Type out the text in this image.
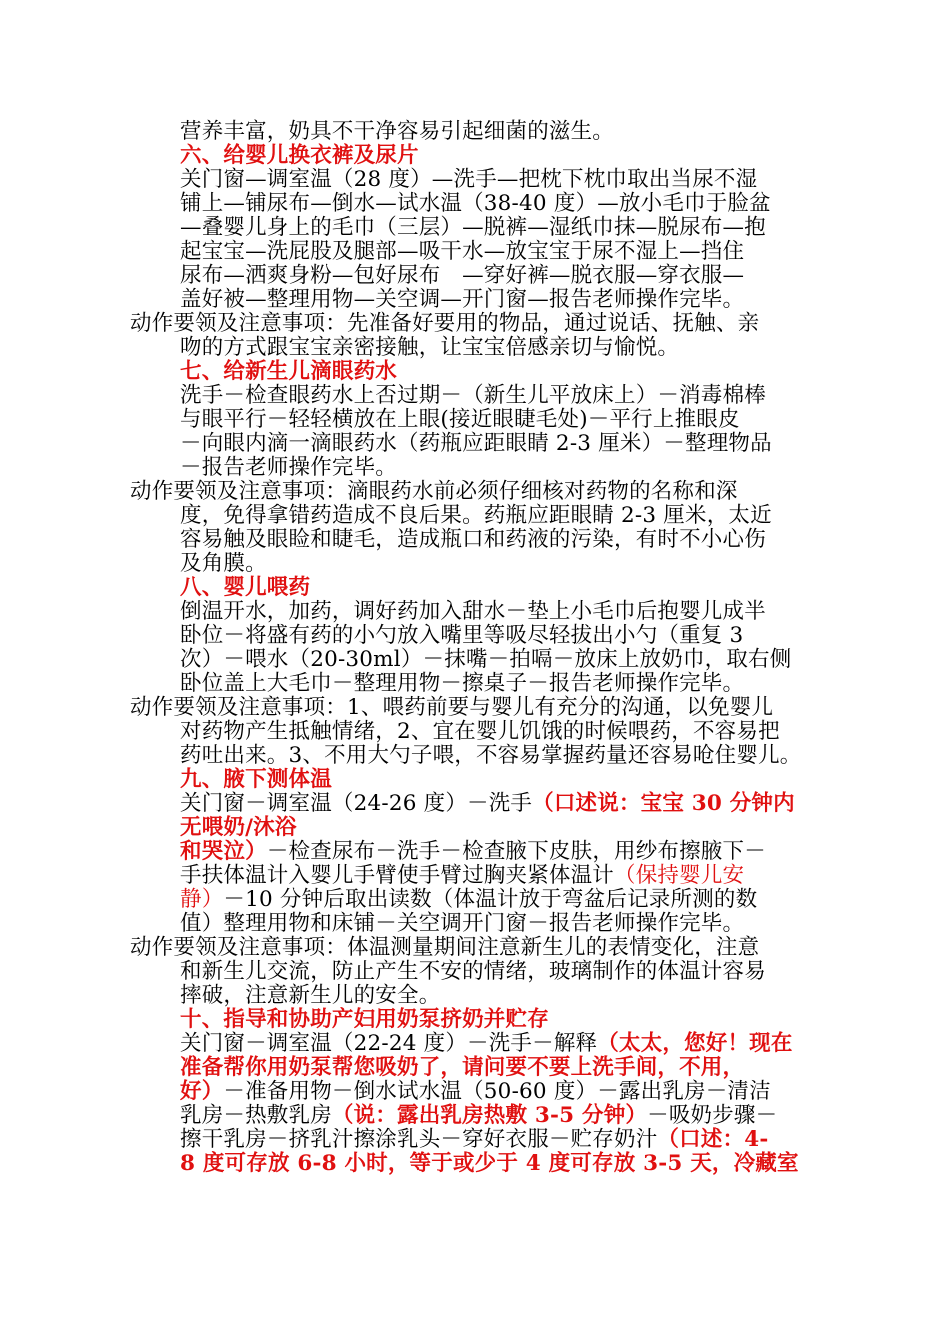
营养丰富，奶具不干净容易引起细菌的滋生。
六、给婴儿换衣裤及尿片
关门窗—调室温（28 度）—洗手—把枕下枕巾取出当尿不湿
铺上—铺尿布—倒水—试水温（38-40 度）—放小毛巾于脸盆
—叠婴儿身上的毛巾（三层）—脱裤—湿纸巾抹—脱尿布—抱
起宝宝—洗屁股及腿部—吸干水—放宝宝于尿不湿上—挡住
尿布—洒爽身粉—包好尿布　—穿好裤—脱衣服—穿衣服—
盖好被—整理用物—关空调—开门窗—报告老师操作完毕。
动作要领及注意事项：先准备好要用的物品，通过说话、抚触、亲
吻的方式跟宝宝亲密接触，让宝宝倍感亲切与愉悦。
七、给新生儿滴眼药水
洗手－检查眼药水上否过期－（新生儿平放床上）－消毒棉棒
与眼平行－轻轻横放在上眼(接近眼睫毛处)－平行上推眼皮
－向眼内滴一滴眼药水（药瓶应距眼睛 2-3 厘米）－整理物品
－报告老师操作完毕。
动作要领及注意事项：滴眼药水前必须仔细核对药物的名称和深
度，免得拿错药造成不良后果。药瓶应距眼睛 2-3 厘米，太近
容易触及眼睑和睫毛，造成瓶口和药液的污染，有时不小心伤
及角膜。
八、婴儿喂药
倒温开水，加药，调好药加入甜水－垫上小毛巾后抱婴儿成半
卧位－将盛有药的小勺放入嘴里等吸尽轻拔出小勺（重复 3
次）－喂水（20-30ml）－抹嘴－拍嗝－放床上放奶巾，取右侧
卧位盖上大毛巾－整理用物－擦桌子－报告老师操作完毕。
动作要领及注意事项：1、喂药前要与婴儿有充分的沟通，以免婴儿
对药物产生抵触情绪，2、宜在婴儿饥饿的时候喂药，不容易把
药吐出来。3、不用大勺子喂，不容易掌握药量还容易呛住婴儿。
九、腋下测体温
关门窗－调室温（24-26 度）－洗手（口述说：宝宝 30 分钟内
无喂奶/沐浴
和哭泣）－检查尿布－洗手－检查腋下皮肤，用纱布擦腋下－
手扶体温计入婴儿手臂使手臂过胸夹紧体温计（保持婴儿安
静）－10 分钟后取出读数（体温计放于弯盆后记录所测的数
值）整理用物和床铺－关空调开门窗－报告老师操作完毕。
动作要领及注意事项：体温测量期间注意新生儿的表情变化，注意
和新生儿交流，防止产生不安的情绪，玻璃制作的体温计容易
摔破，注意新生儿的安全。
十、指导和协助产妇用奶泵挤奶并贮存
关门窗－调室温（22-24 度）－洗手－解释（太太，您好！现在
准备帮你用奶泵帮您吸奶了，请问要不要上洗手间，不用，
好）－准备用物－倒水试水温（50-60 度）－露出乳房－清洁
乳房－热敷乳房（说：露出乳房热敷 3-5 分钟）－吸奶步骤－
擦干乳房－挤乳汁擦涂乳头－穿好衣服－贮存奶汁（口述：4-
8 度可存放 6-8 小时，等于或少于 4 度可存放 3-5 天，冷藏室
